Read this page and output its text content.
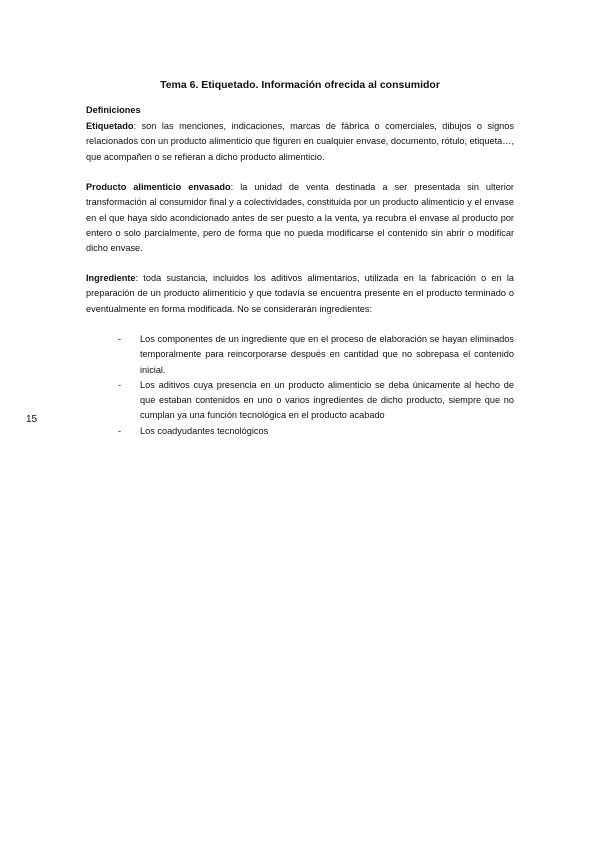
Tema 6. Etiquetado. Información ofrecida al consumidor
Definiciones

Etiquetado: son las menciones, indicaciones, marcas de fábrica o comerciales, dibujos o signos relacionados con un producto alimenticio que figuren en cualquier envase, documento, rótulo, etiqueta…, que acompañen o se refieran a dicho producto alimenticio.

Producto alimenticio envasado: la unidad de venta destinada a ser presentada sin ulterior transformación al consumidor final y a colectividades, constituida por un producto alimenticio y el envase en el que haya sido acondicionado antes de ser puesto a la venta, ya recubra el envase al producto por entero o solo parcialmente, pero de forma que no pueda modificarse el contenido sin abrir o modificar dicho envase.

Ingrediente: toda sustancia, incluidos los aditivos alimentarios, utilizada en la fabricación o en la preparación de un producto alimenticio y que todavía se encuentra presente en el producto terminado o eventualmente en forma modificada. No se considerarán ingredientes:

- Los componentes de un ingrediente que en el proceso de elaboración se hayan eliminados temporalmente para reincorporarse después en cantidad que no sobrepasa el contenido inicial.
- Los aditivos cuya presencia en un producto alimenticio se deba únicamente al hecho de que estaban contenidos en uno o varios ingredientes de dicho producto, siempre que no cumplan ya una función tecnológica en el producto acabado
- Los coadyudantes tecnológicos
15
